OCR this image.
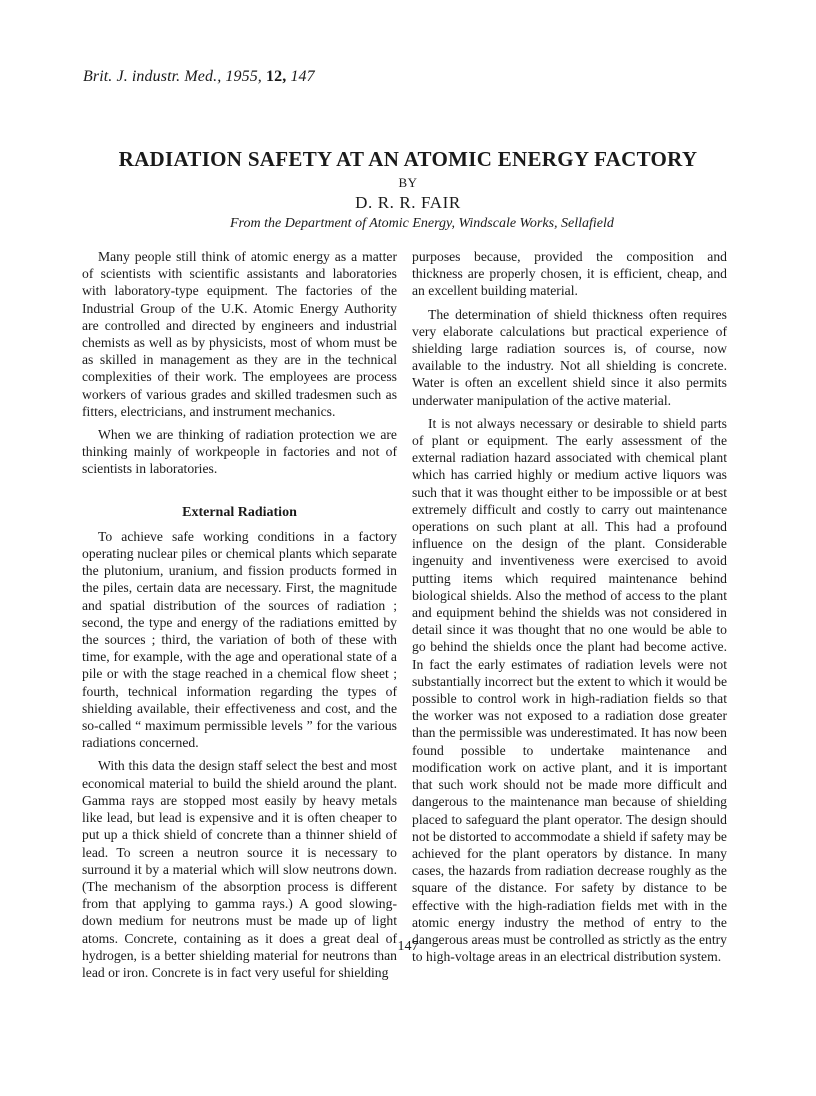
Brit. J. industr. Med., 1955, 12, 147
RADIATION SAFETY AT AN ATOMIC ENERGY FACTORY
BY
D. R. R. FAIR
From the Department of Atomic Energy, Windscale Works, Sellafield

Many people still think of atomic energy as a matter of scientists with scientific assistants and laboratories with laboratory-type equipment. The factories of the Industrial Group of the U.K. Atomic Energy Authority are controlled and directed by engineers and industrial chemists as well as by physicists, most of whom must be as skilled in management as they are in the technical complexities of their work. The employees are process workers of various grades and skilled tradesmen such as fitters, electricians, and instrument mechanics.

When we are thinking of radiation protection we are thinking mainly of workpeople in factories and not of scientists in laboratories.

External Radiation

To achieve safe working conditions in a factory operating nuclear piles or chemical plants which separate the plutonium, uranium, and fission products formed in the piles, certain data are necessary. First, the magnitude and spatial distribution of the sources of radiation ; second, the type and energy of the radiations emitted by the sources ; third, the variation of both of these with time, for example, with the age and operational state of a pile or with the stage reached in a chemical flow sheet ; fourth, technical information regarding the types of shielding available, their effectiveness and cost, and the so-called “ maximum permissible levels ” for the various radiations concerned.

With this data the design staff select the best and most economical material to build the shield around the plant. Gamma rays are stopped most easily by heavy metals like lead, but lead is expensive and it is often cheaper to put up a thick shield of concrete than a thinner shield of lead. To screen a neutron source it is necessary to surround it by a material which will slow neutrons down. (The mechanism of the absorption process is different from that applying to gamma rays.) A good slowing-down medium for neutrons must be made up of light atoms. Concrete, containing as it does a great deal of hydrogen, is a better shielding material for neutrons than lead or iron. Concrete is in fact very useful for shielding

purposes because, provided the composition and thickness are properly chosen, it is efficient, cheap, and an excellent building material.

The determination of shield thickness often requires very elaborate calculations but practical experience of shielding large radiation sources is, of course, now available to the industry. Not all shielding is concrete. Water is often an excellent shield since it also permits underwater manipulation of the active material.

It is not always necessary or desirable to shield parts of plant or equipment. The early assessment of the external radiation hazard associated with chemical plant which has carried highly or medium active liquors was such that it was thought either to be impossible or at best extremely difficult and costly to carry out maintenance operations on such plant at all. This had a profound influence on the design of the plant. Considerable ingenuity and inventiveness were exercised to avoid putting items which required maintenance behind biological shields. Also the method of access to the plant and equipment behind the shields was not considered in detail since it was thought that no one would be able to go behind the shields once the plant had become active. In fact the early estimates of radiation levels were not substantially incorrect but the extent to which it would be possible to control work in high-radiation fields so that the worker was not exposed to a radiation dose greater than the permissible was underestimated. It has now been found possible to undertake maintenance and modification work on active plant, and it is important that such work should not be made more difficult and dangerous to the maintenance man because of shielding placed to safeguard the plant operator. The design should not be distorted to accommodate a shield if safety may be achieved for the plant operators by distance. In many cases, the hazards from radiation decrease roughly as the square of the distance. For safety by distance to be effective with the high-radiation fields met with in the atomic energy industry the method of entry to the dangerous areas must be controlled as strictly as the entry to high-voltage areas in an electrical distribution system.

147
